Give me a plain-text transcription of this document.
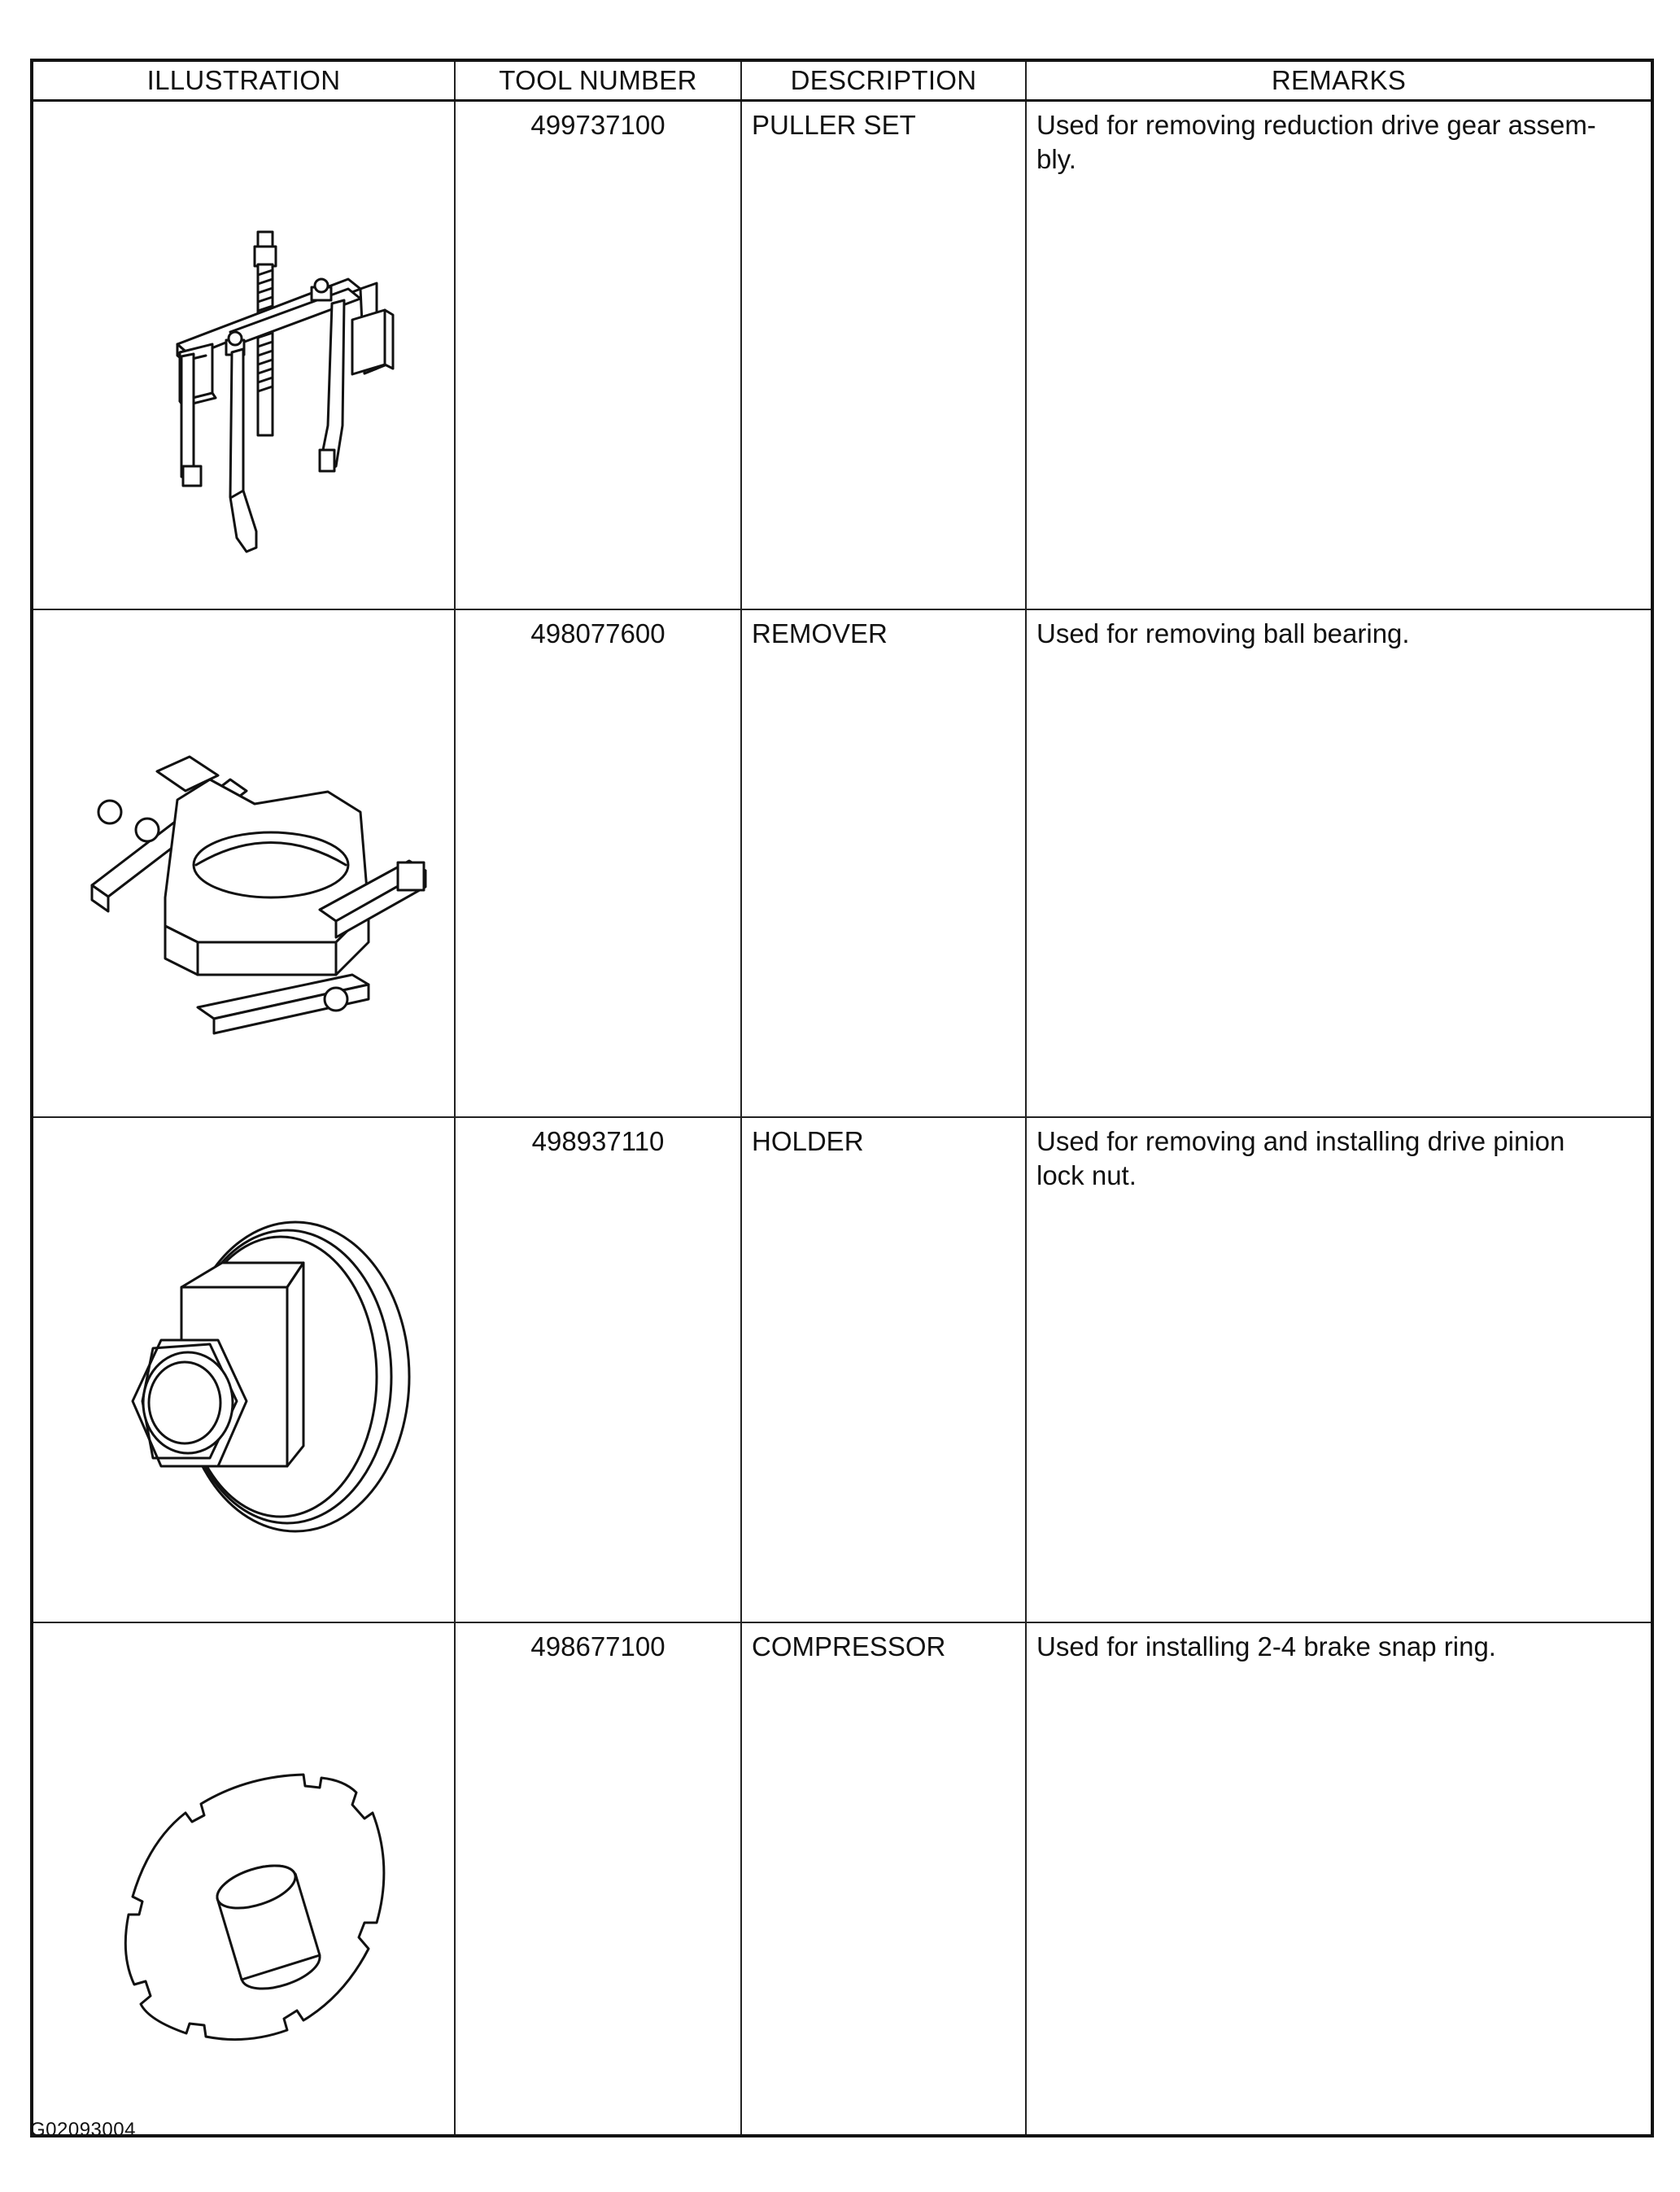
ILLUSTRATION	TOOL NUMBER	DESCRIPTION	REMARKS

	499737100	PULLER SET	Used for removing reduction drive gear assem-
bly.

	498077600	REMOVER	Used for removing ball bearing.

	498937110	HOLDER	Used for removing and installing drive pinion
lock nut.

	498677100	COMPRESSOR	Used for installing 2-4 brake snap ring.
G02093004
